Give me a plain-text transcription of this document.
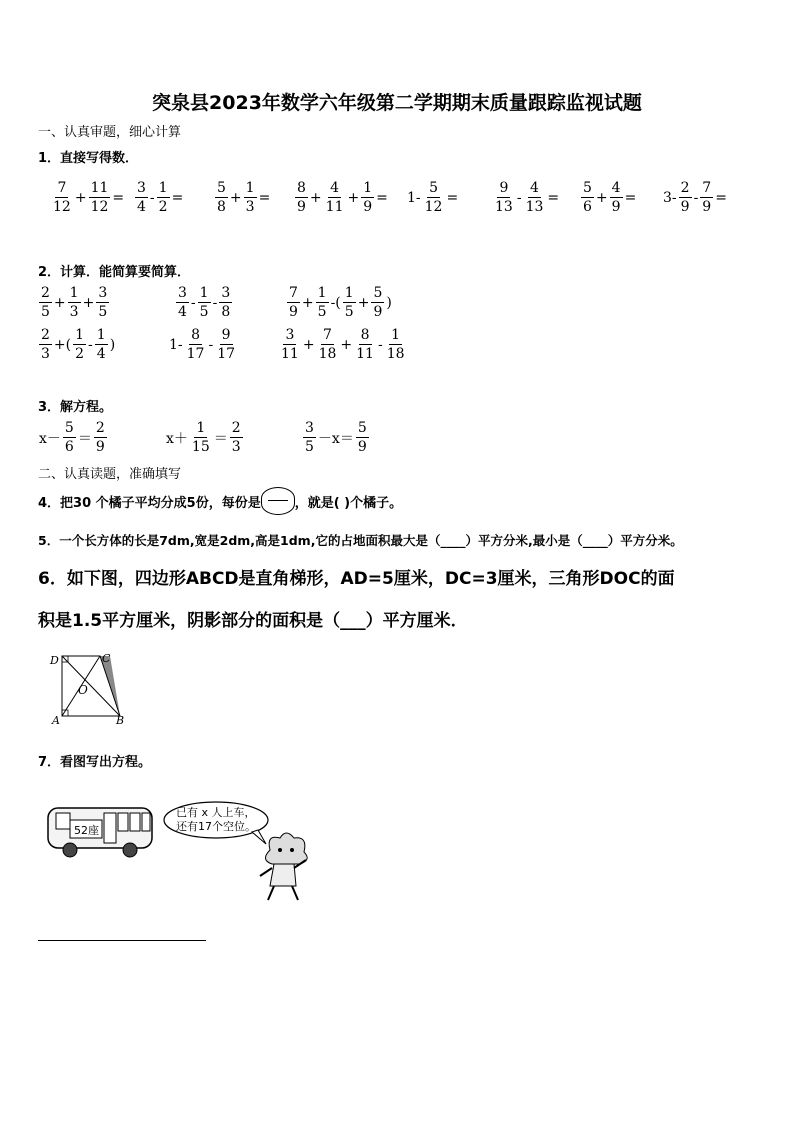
突泉县2023年数学六年级第二学期期末质量跟踪监视试题
一、认真审题，细心计算
1．直接写得数．
$\frac{7}{12} + \frac{11}{12} = \frac{3}{4} - \frac{1}{2} = \frac{5}{8} + \frac{1}{3} = \frac{8}{9} + \frac{4}{11} + \frac{1}{9} = 1- \frac{5}{12} = \frac{9}{13} - \frac{4}{13} = \frac{5}{6} + \frac{4}{9} = 3- \frac{2}{9} - \frac{7}{9}$ =
2．计算．能简算要简算．
$\frac{2}{5} + \frac{1}{3} + \frac{3}{5}$	$\frac{3}{4} - \frac{1}{5} - \frac{3}{8}$	$\frac{7}{9} + \frac{1}{5}$ -( $\frac{1}{5} + \frac{5}{9}$ )
$\frac{2}{3}$ +( $\frac{1}{2} - \frac{1}{4}$ )	$1- \frac{8}{17} - \frac{9}{17}$	$\frac{3}{11} + \frac{7}{18} + \frac{8}{11} - \frac{1}{18}$
3．解方程。
$x- \frac{5}{6} = \frac{2}{9}$	$x+ \frac{1}{15} = \frac{2}{3}$	$\frac{3}{5} -x= \frac{5}{9}$
二、认真读题，准确填写
4．把30 个橘子平均分成5份，每份是	，就是( )个橘子。
5．一个长方体的长是7dm,宽是2dm,高是1dm,它的占地面积最大是（____）平方分米,最小是（____）平方分米。
6．如下图，四边形ABCD是直角梯形，AD=5厘米，DC=3厘米，三角形DOC的面
积是1.5平方厘米，阴影部分的面积是（___）平方厘米．
D	C
O
A	B
7．看图写出方程。
52座
已有 x 人上车，
还有17个空位。
